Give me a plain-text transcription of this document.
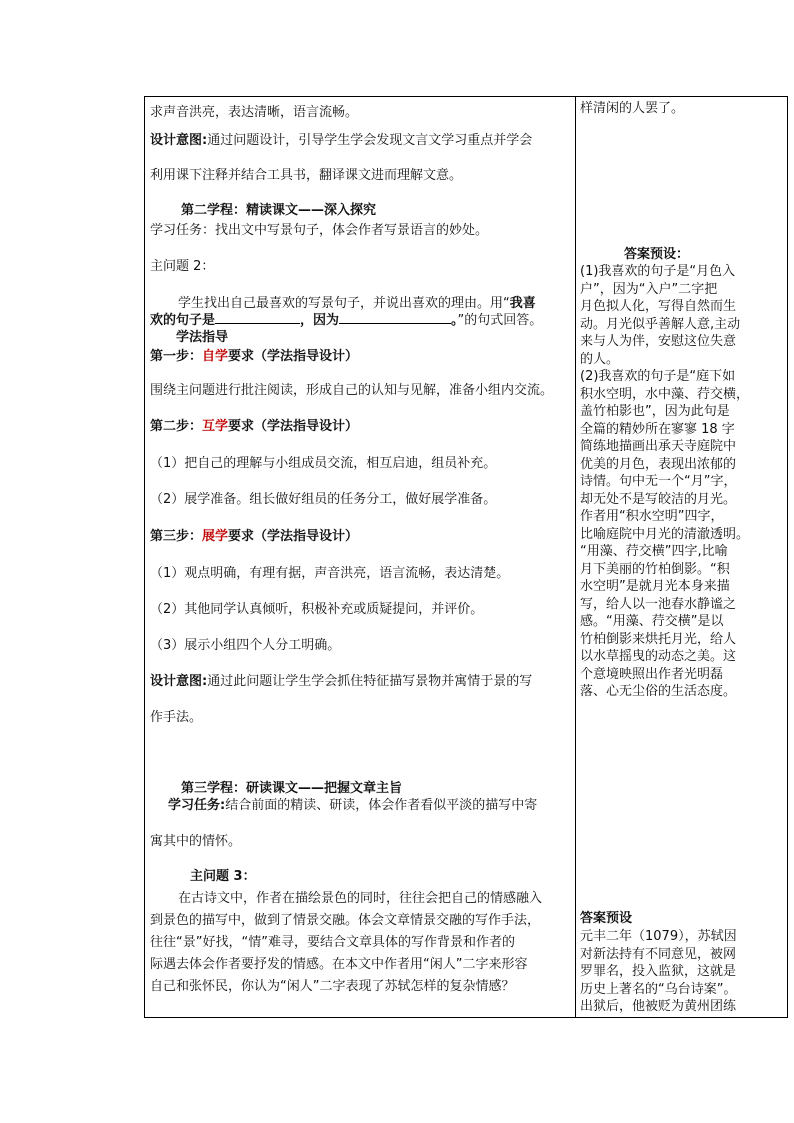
求声音洪亮，表达清晰，语言流畅。
设计意图:通过问题设计，引导学生学会发现文言文学习重点并学会
利用课下注释并结合工具书，翻译课文进而理解文意。
第二学程：精读课文——深入探究
学习任务：找出文中写景句子，体会作者写景语言的妙处。
主问题 2：
学生找出自己最喜欢的写景句子，并说出喜欢的理由。用“我喜
欢的句子是	，因为	。”的句式回答。
学法指导
第一步：自学要求（学法指导设计）
围绕主问题进行批注阅读，形成自己的认知与见解，准备小组内交流。
第二步：互学要求（学法指导设计）
（1）把自己的理解与小组成员交流，相互启迪，组员补充。
（2）展学准备。组长做好组员的任务分工，做好展学准备。
第三步：展学要求（学法指导设计）
（1）观点明确，有理有据，声音洪亮，语言流畅，表达清楚。
（2）其他同学认真倾听，积极补充或质疑提问，并评价。
（3）展示小组四个人分工明确。
设计意图:通过此问题让学生学会抓住特征描写景物并寓情于景的写
作手法。
第三学程：研读课文——把握文章主旨
学习任务:结合前面的精读、研读，体会作者看似平淡的描写中寄
寓其中的情怀。
主问题 3：
在古诗文中，作者在描绘景色的同时，往往会把自己的情感融入
到景色的描写中，做到了情景交融。体会文章情景交融的写作手法，
往往“景”好找，“情”难寻，要结合文章具体的写作背景和作者的
际遇去体会作者要抒发的情感。在本文中作者用“闲人”二字来形容
自己和张怀民，你认为“闲人”二字表现了苏轼怎样的复杂情感？
样清闲的人罢了。
答案预设：
(1)我喜欢的句子是“月色入
户”，因为“入户”二字把
月色拟人化，写得自然而生
动。月光似乎善解人意,主动
来与人为伴，安慰这位失意
的人。
(2)我喜欢的句子是“庭下如
积水空明，水中藻、荇交横，
盖竹柏影也”，因为此句是
全篇的精妙所在寥寥 18 字
简练地描画出承天寺庭院中
优美的月色，表现出浓郁的
诗情。句中无一个“月”字，
却无处不是写皎洁的月光。
作者用“积水空明”四字，
比喻庭院中月光的清澈透明。
“用藻、荇交横”四字,比喻
月下美丽的竹柏倒影。“积
水空明”是就月光本身来描
写，给人以一池春水静谧之
感。“用藻、荇交横”是以
竹柏倒影来烘托月光，给人
以水草摇曳的动态之美。这
个意境映照出作者光明磊
落、心无尘俗的生活态度。
答案预设
元丰二年（1079），苏轼因
对新法持有不同意见，被网
罗罪名，投入监狱，这就是
历史上著名的“乌台诗案”。
出狱后，他被贬为黄州团练
